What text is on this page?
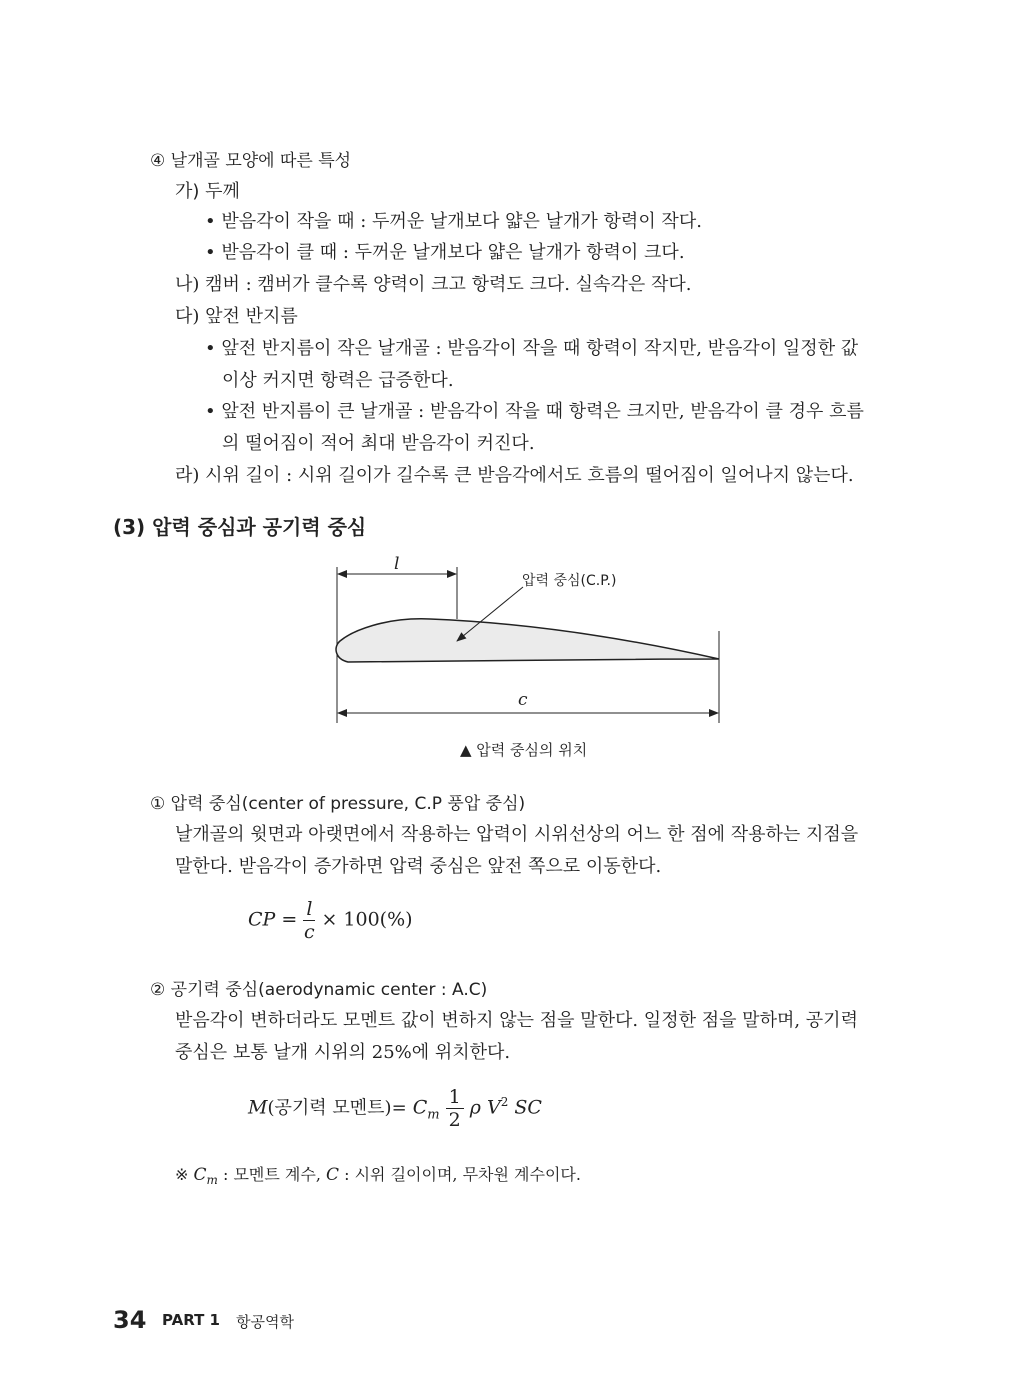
④ 날개골 모양에 따른 특성
가) 두께
• 받음각이 작을 때 : 두꺼운 날개보다 얇은 날개가 항력이 작다.
• 받음각이 클 때 : 두꺼운 날개보다 얇은 날개가 항력이 크다.
나) 캠버 : 캠버가 클수록 양력이 크고 항력도 크다. 실속각은 작다.
다) 앞전 반지름
• 앞전 반지름이 작은 날개골 : 받음각이 작을 때 항력이 작지만, 받음각이 일정한 값
이상 커지면 항력은 급증한다.
• 앞전 반지름이 큰 날개골 : 받음각이 작을 때 항력은 크지만, 받음각이 클 경우 흐름
의 떨어짐이 적어 최대 받음각이 커진다.
라) 시위 길이 : 시위 길이가 길수록 큰 받음각에서도 흐름의 떨어짐이 일어나지 않는다.
(3) 압력 중심과 공기력 중심
l
압력 중심(C.P.)
c
▲ 압력 중심의 위치
① 압력 중심(center of pressure, C.P 풍압 중심)
날개골의 윗면과 아랫면에서 작용하는 압력이 시위선상의 어느 한 점에 작용하는 지점을
말한다. 받음각이 증가하면 압력 중심은 앞전 쪽으로 이동한다.
CP = $\frac{l}{c} \times 100(\%)$
② 공기력 중심(aerodynamic center : A.C)
받음각이 변하더라도 모멘트 값이 변하지 않는 점을 말한다. 일정한 점을 말하며, 공기력
중심은 보통 날개 시위의 25%에 위치한다.
M(공기력 모멘트)= $C_m \frac{1}{2}$ ρ $V^2$ SC
※ $C_m$ : 모멘트 계수, C : 시위 길이이며, 무차원 계수이다.
34 PART 1 항공역학
